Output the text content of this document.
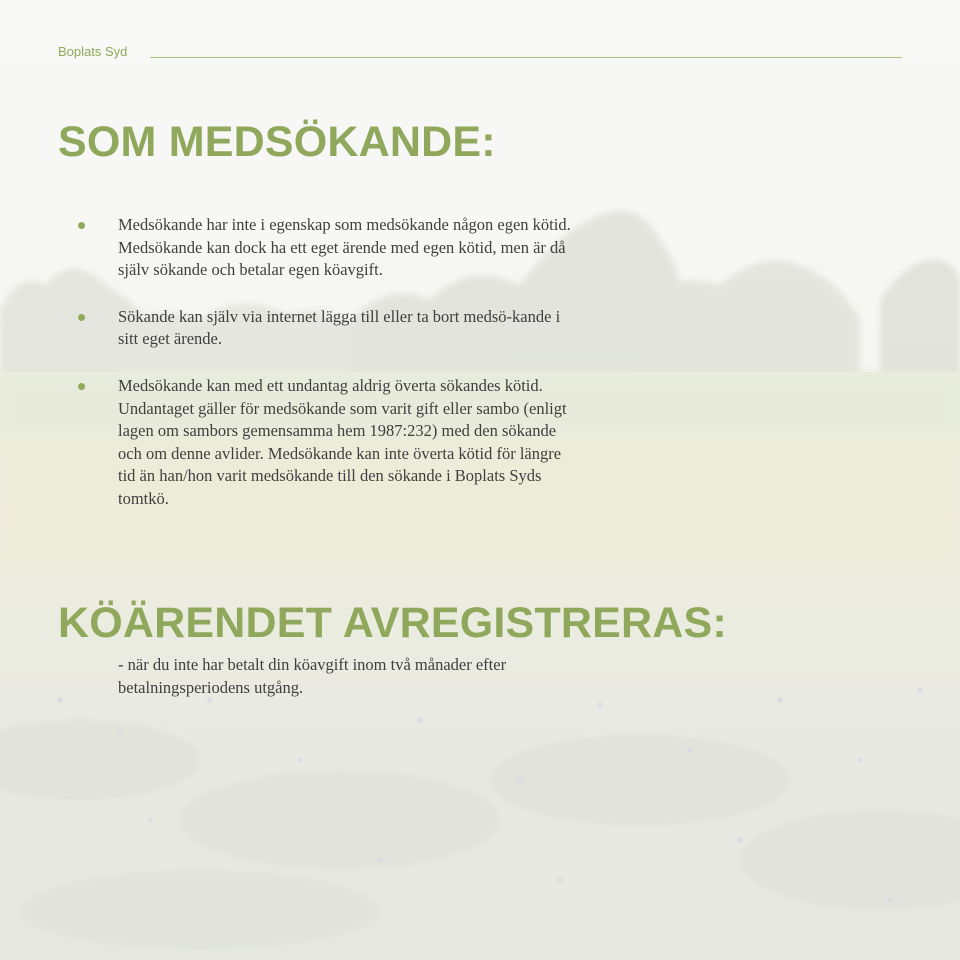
Boplats Syd
SOM MEDSÖKANDE:
Medsökande har inte i egenskap som medsökande någon egen kötid. Medsökande kan dock ha ett eget ärende med egen kötid, men är då själv sökande och betalar egen köavgift.
Sökande kan själv via internet lägga till eller ta bort medsö-kande i sitt eget ärende.
Medsökande kan med ett undantag aldrig överta sökandes kötid. Undantaget gäller för medsökande som varit gift eller sambo (enligt lagen om sambors gemensamma hem 1987:232) med den sökande och om denne avlider. Medsökande kan inte överta kötid för längre tid än han/hon varit medsökande till den sökande i Boplats Syds tomtkö.
KÖÄRENDET AVREGISTRERAS:

- när du inte har betalt din köavgift inom två månader efter betalningsperiodens utgång.
